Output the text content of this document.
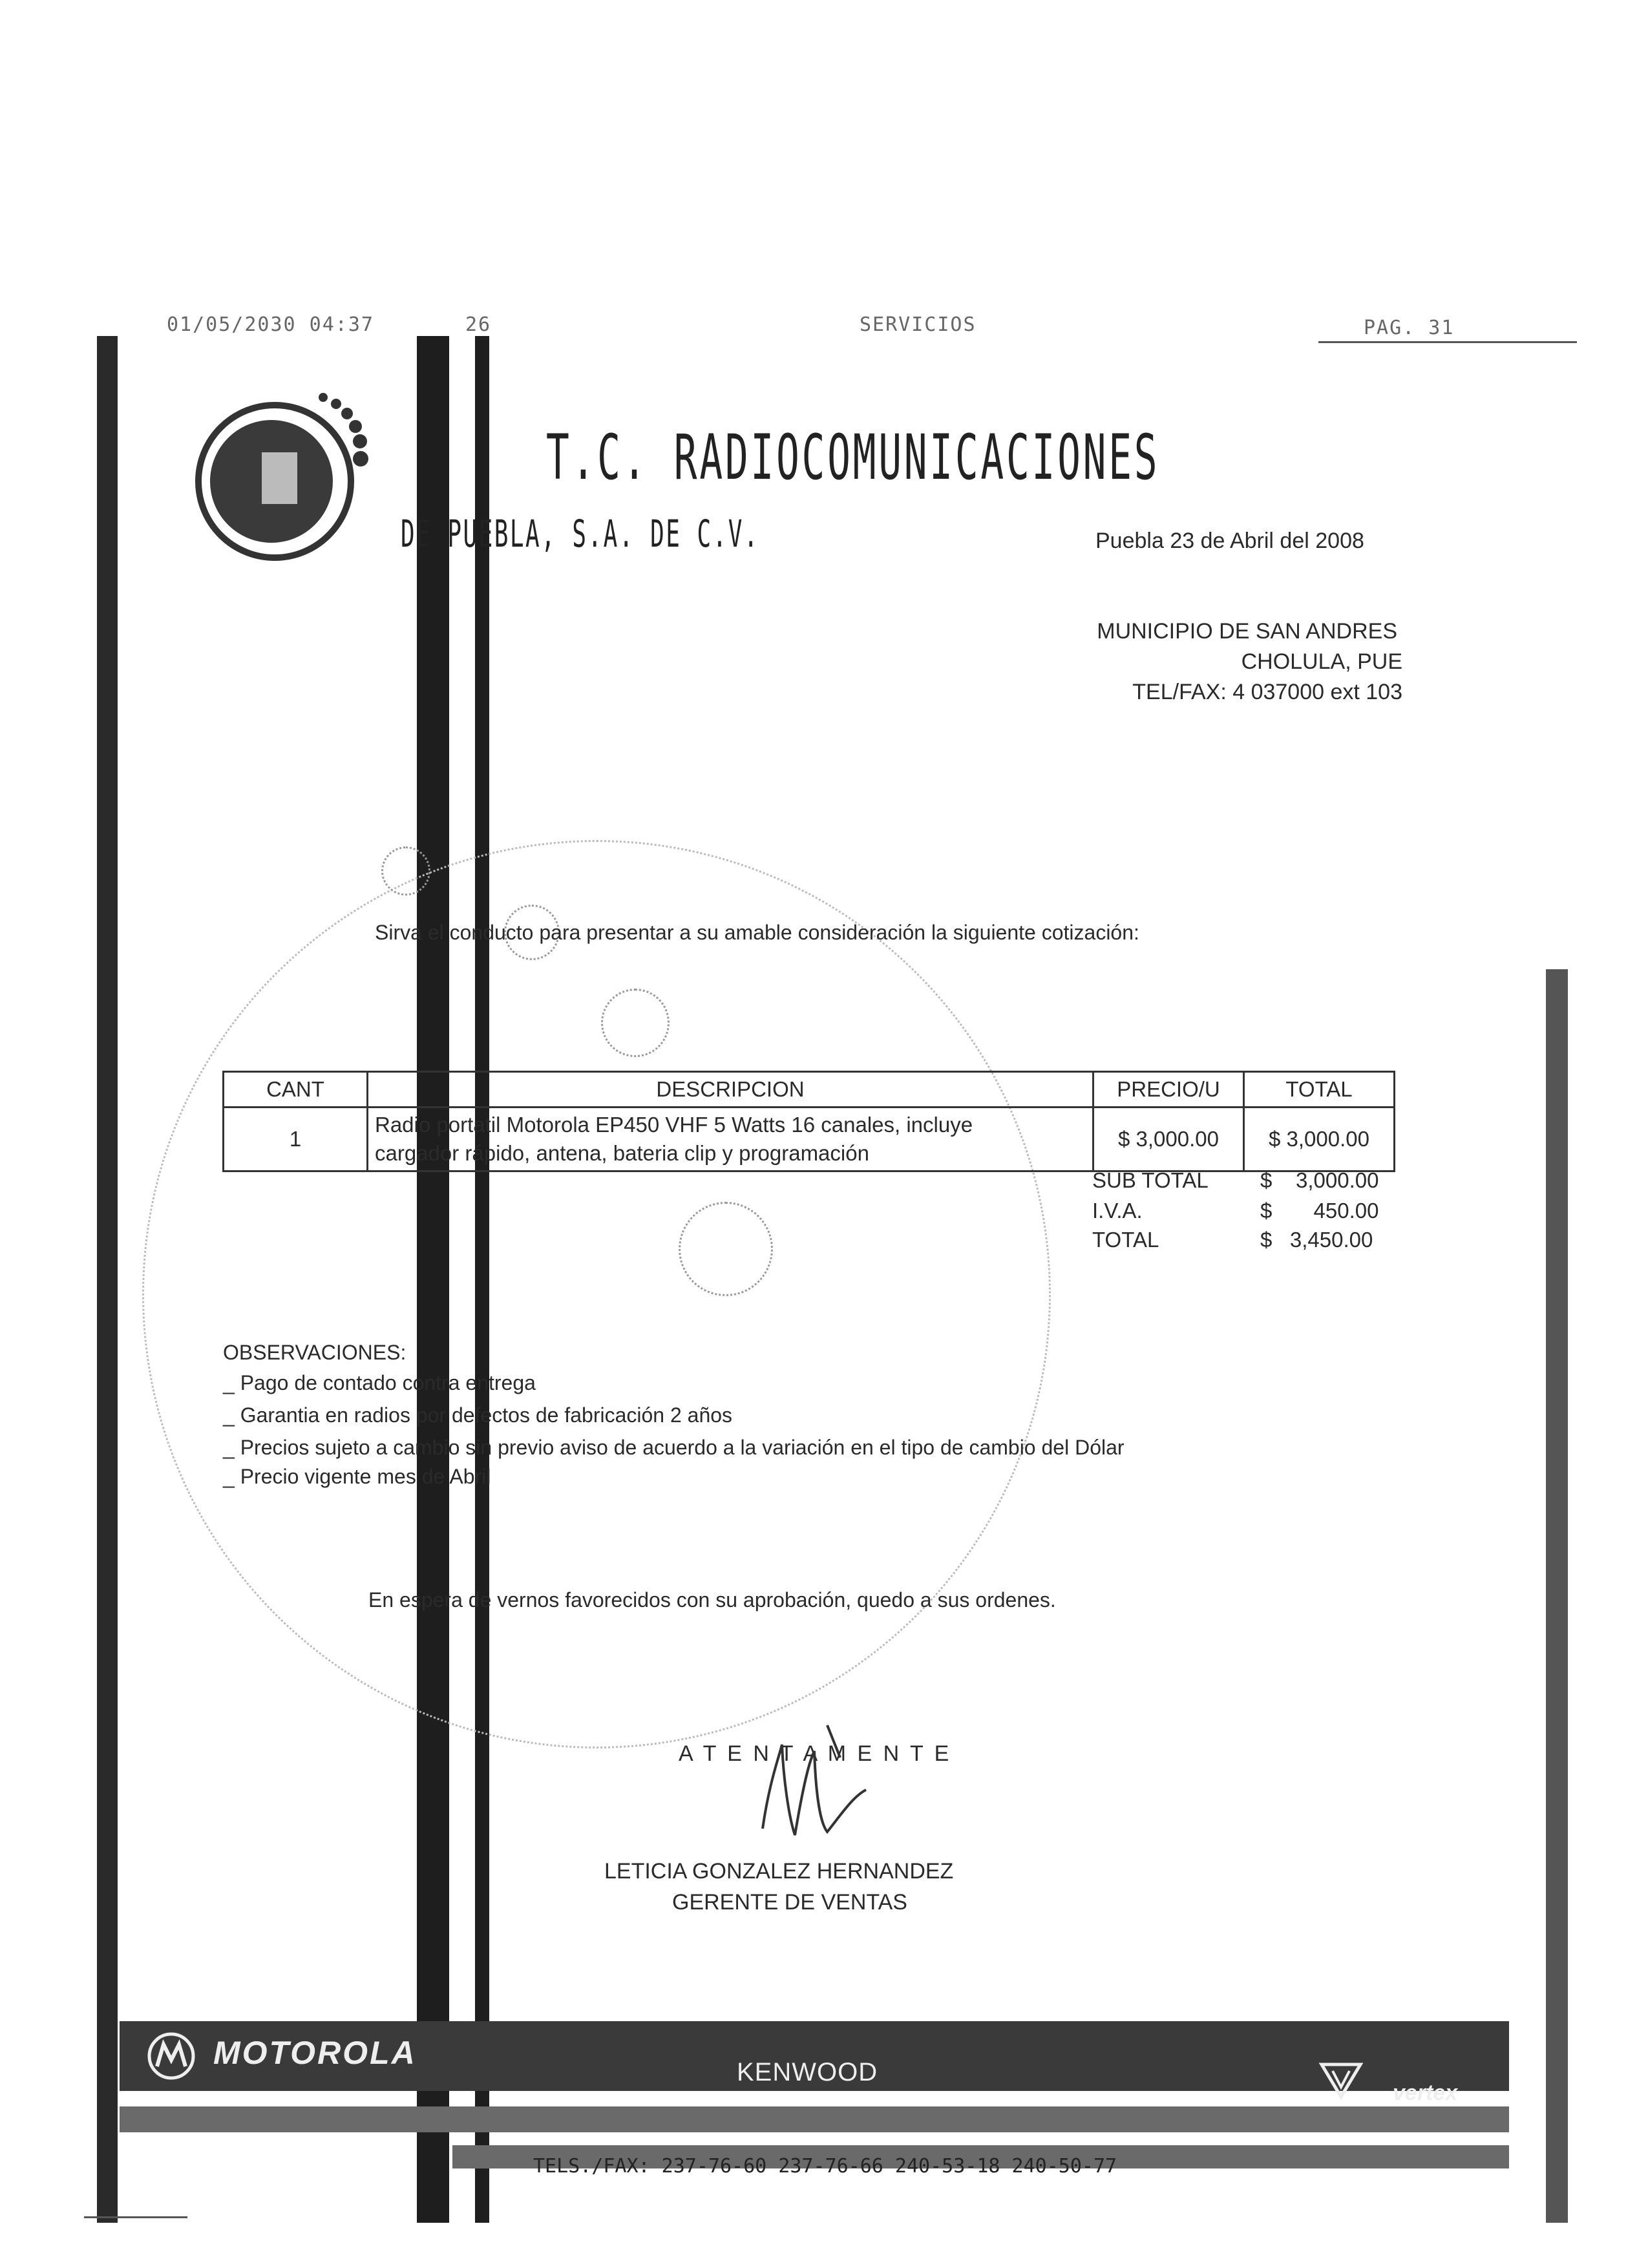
01/05/2030 04:37	26	SERVICIOS	PAG. 31
T.C. RADIOCOMUNICACIONES
DE PUEBLA, S.A. DE C.V.	Puebla 23 de Abril del 2008
MUNICIPIO DE SAN ANDRES
CHOLULA, PUE
TEL/FAX: 4 037000 ext 103
Sirva el conducto para presentar a su amable consideración la siguiente cotización:
CANT	DESCRIPCION	PRECIO/U	TOTAL
1	Radio portatil Motorola EP450 VHF 5 Watts 16 canales, incluye
cargador rápido, antena, bateria clip y programación	$ 3,000.00	$ 3,000.00
SUB TOTAL $    3,000.00
I.V.A.	$       450.00
TOTAL	$   3,450.00
OBSERVACIONES:
_ Pago de contado contra entrega
_ Garantia en radios por defectos de fabricación 2 años
_ Precios sujeto a cambio sin previo aviso de acuerdo a la variación en el tipo de cambio del Dólar
_ Precio vigente mes de Abril
En espera de vernos favorecidos con su aprobación, quedo a sus ordenes.
A T E N T A M E N T E
LETICIA GONZALEZ HERNANDEZ
GERENTE DE VENTAS
MOTOROLA
KENWOOD
vertex
TELS./FAX: 237-76-60 237-76-66 240-53-18 240-50-77
